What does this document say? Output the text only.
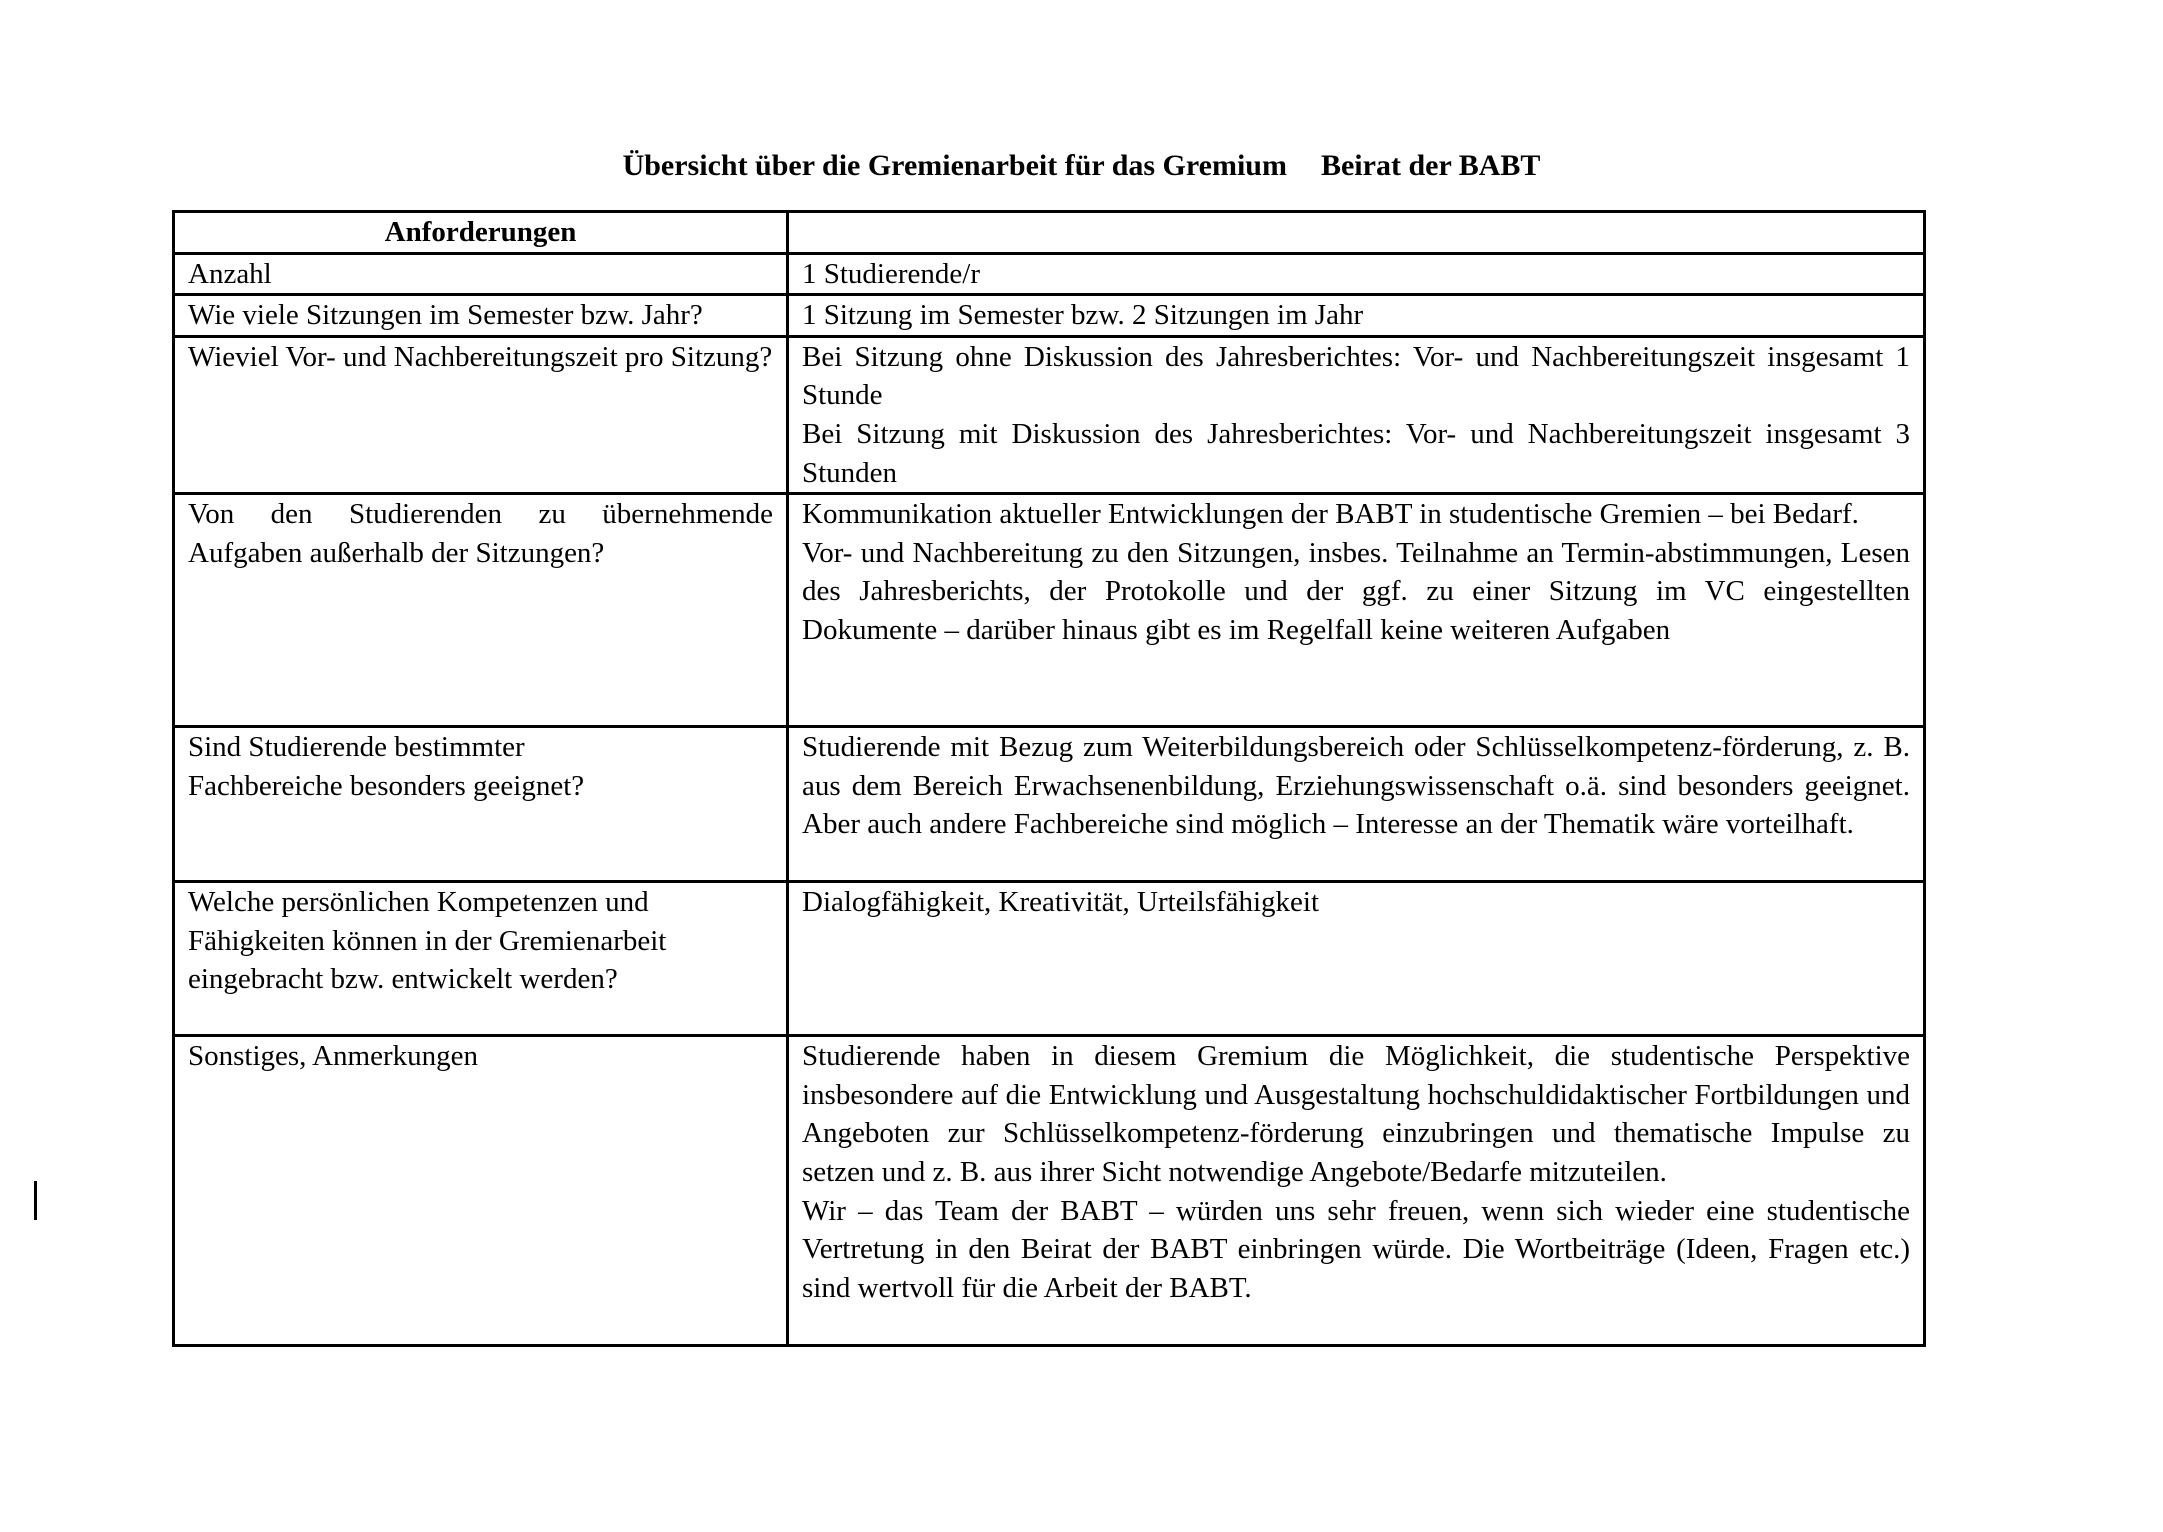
Übersicht über die Gremienarbeit für das Gremium Beirat der BABT
Anforderungen	
Anzahl	1 Studierende/r

Wie viele Sitzungen im Semester bzw. Jahr?	1 Sitzung im Semester bzw. 2 Sitzungen im Jahr

Wieviel Vor- und Nachbereitungszeit pro Sitzung?	Bei Sitzung ohne Diskussion des Jahresberichtes: Vor- und Nachbereitungszeit insgesamt 1 Stunde
Bei Sitzung mit Diskussion des Jahresberichtes: Vor- und Nachbereitungszeit insgesamt 3 Stunden

Von den Studierenden zu übernehmende Aufgaben außerhalb der Sitzungen?	Kommunikation aktueller Entwicklungen der BABT in studentische Gremien – bei Bedarf.
Vor- und Nachbereitung zu den Sitzungen, insbes. Teilnahme an Termin-abstimmungen, Lesen des Jahresberichts, der Protokolle und der ggf. zu einer Sitzung im VC eingestellten Dokumente – darüber hinaus gibt es im Regelfall keine weiteren Aufgaben

Sind Studierende bestimmter
Fachbereiche besonders geeignet?	Studierende mit Bezug zum Weiterbildungsbereich oder Schlüsselkompetenz-förderung, z. B. aus dem Bereich Erwachsenenbildung, Erziehungswissenschaft o.ä. sind besonders geeignet. Aber auch andere Fachbereiche sind möglich – Interesse an der Thematik wäre vorteilhaft.

Welche persönlichen Kompetenzen und
Fähigkeiten können in der Gremienarbeit
eingebracht bzw. entwickelt werden?	Dialogfähigkeit, Kreativität, Urteilsfähigkeit

Sonstiges, Anmerkungen	Studierende haben in diesem Gremium die Möglichkeit, die studentische Perspektive insbesondere auf die Entwicklung und Ausgestaltung hochschuldidaktischer Fortbildungen und Angeboten zur Schlüsselkompetenz-förderung einzubringen und thematische Impulse zu setzen und z. B. aus ihrer Sicht notwendige Angebote/Bedarfe mitzuteilen.
Wir – das Team der BABT – würden uns sehr freuen, wenn sich wieder eine studentische Vertretung in den Beirat der BABT einbringen würde. Die Wortbeiträge (Ideen, Fragen etc.) sind wertvoll für die Arbeit der BABT.
